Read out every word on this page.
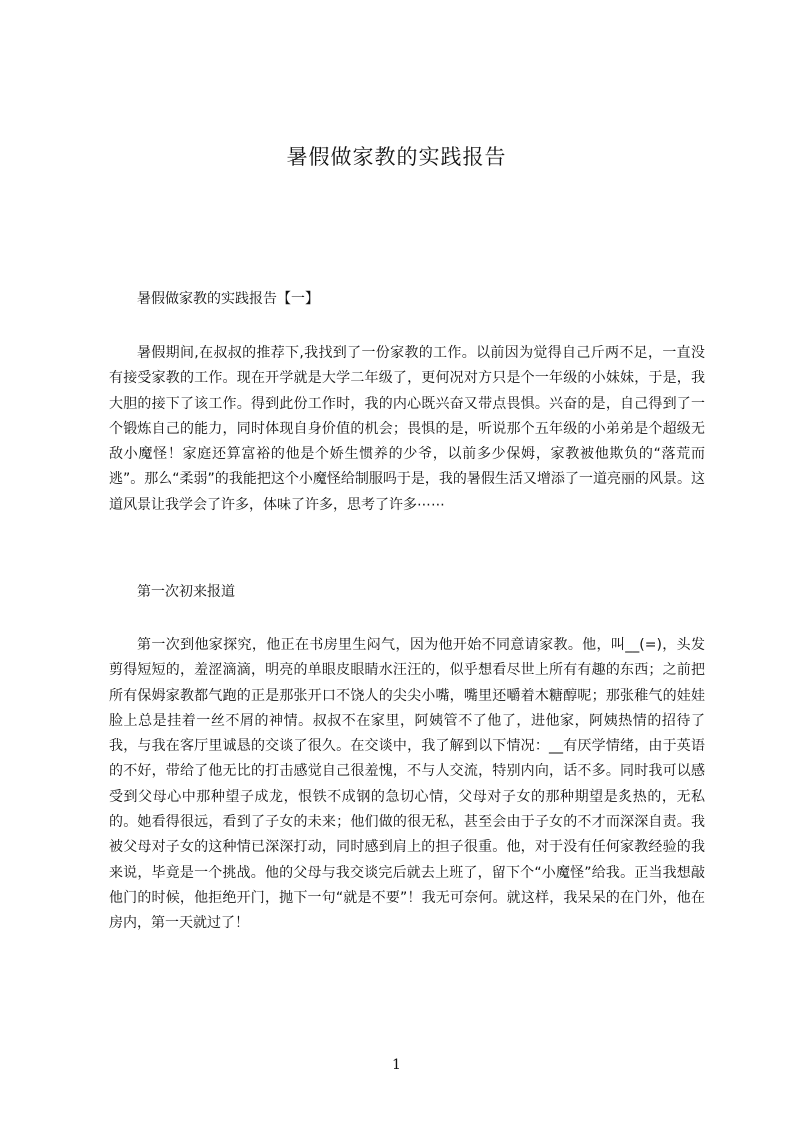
暑假做家教的实践报告
暑假做家教的实践报告【一】

暑假期间,在叔叔的推荐下,我找到了一份家教的工作。以前因为觉得自己斤两不足，一直没有接受家教的工作。现在开学就是大学二年级了，更何况对方只是个一年级的小妹妹，于是，我大胆的接下了该工作。得到此份工作时，我的内心既兴奋又带点畏惧。兴奋的是，自己得到了一个锻炼自己的能力，同时体现自身价值的机会；畏惧的是，听说那个五年级的小弟弟是个超级无敌小魔怪！家庭还算富裕的他是个娇生惯养的少爷，以前多少保姆，家教被他欺负的“落荒而逃”。那么“柔弱”的我能把这个小魔怪给制服吗于是，我的暑假生活又增添了一道亮丽的风景。这道风景让我学会了许多，体味了许多，思考了许多⋯⋯

第一次初来报道

第一次到他家探究，他正在书房里生闷气，因为他开始不同意请家教。他，叫__(=)，头发剪得短短的，羞涩滴滴，明亮的单眼皮眼睛水汪汪的，似乎想看尽世上所有有趣的东西；之前把所有保姆家教都气跑的正是那张开口不饶人的尖尖小嘴，嘴里还嚼着木糖醇呢；那张稚气的娃娃脸上总是挂着一丝不屑的神情。叔叔不在家里，阿姨管不了他了，进他家，阿姨热情的招待了我，与我在客厅里诚恳的交谈了很久。在交谈中，我了解到以下情况：__有厌学情绪，由于英语的不好，带给了他无比的打击感觉自己很羞愧，不与人交流，特别内向，话不多。同时我可以感受到父母心中那种望子成龙，恨铁不成钢的急切心情，父母对子女的那种期望是炙热的，无私的。她看得很远，看到了子女的未来；他们做的很无私，甚至会由于子女的不才而深深自责。我被父母对子女的这种情已深深打动，同时感到肩上的担子很重。他，对于没有任何家教经验的我来说，毕竟是一个挑战。他的父母与我交谈完后就去上班了，留下个“小魔怪”给我。正当我想敲他门的时候，他拒绝开门，抛下一句“就是不要”！我无可奈何。就这样，我呆呆的在门外，他在房内，第一天就过了！

1
